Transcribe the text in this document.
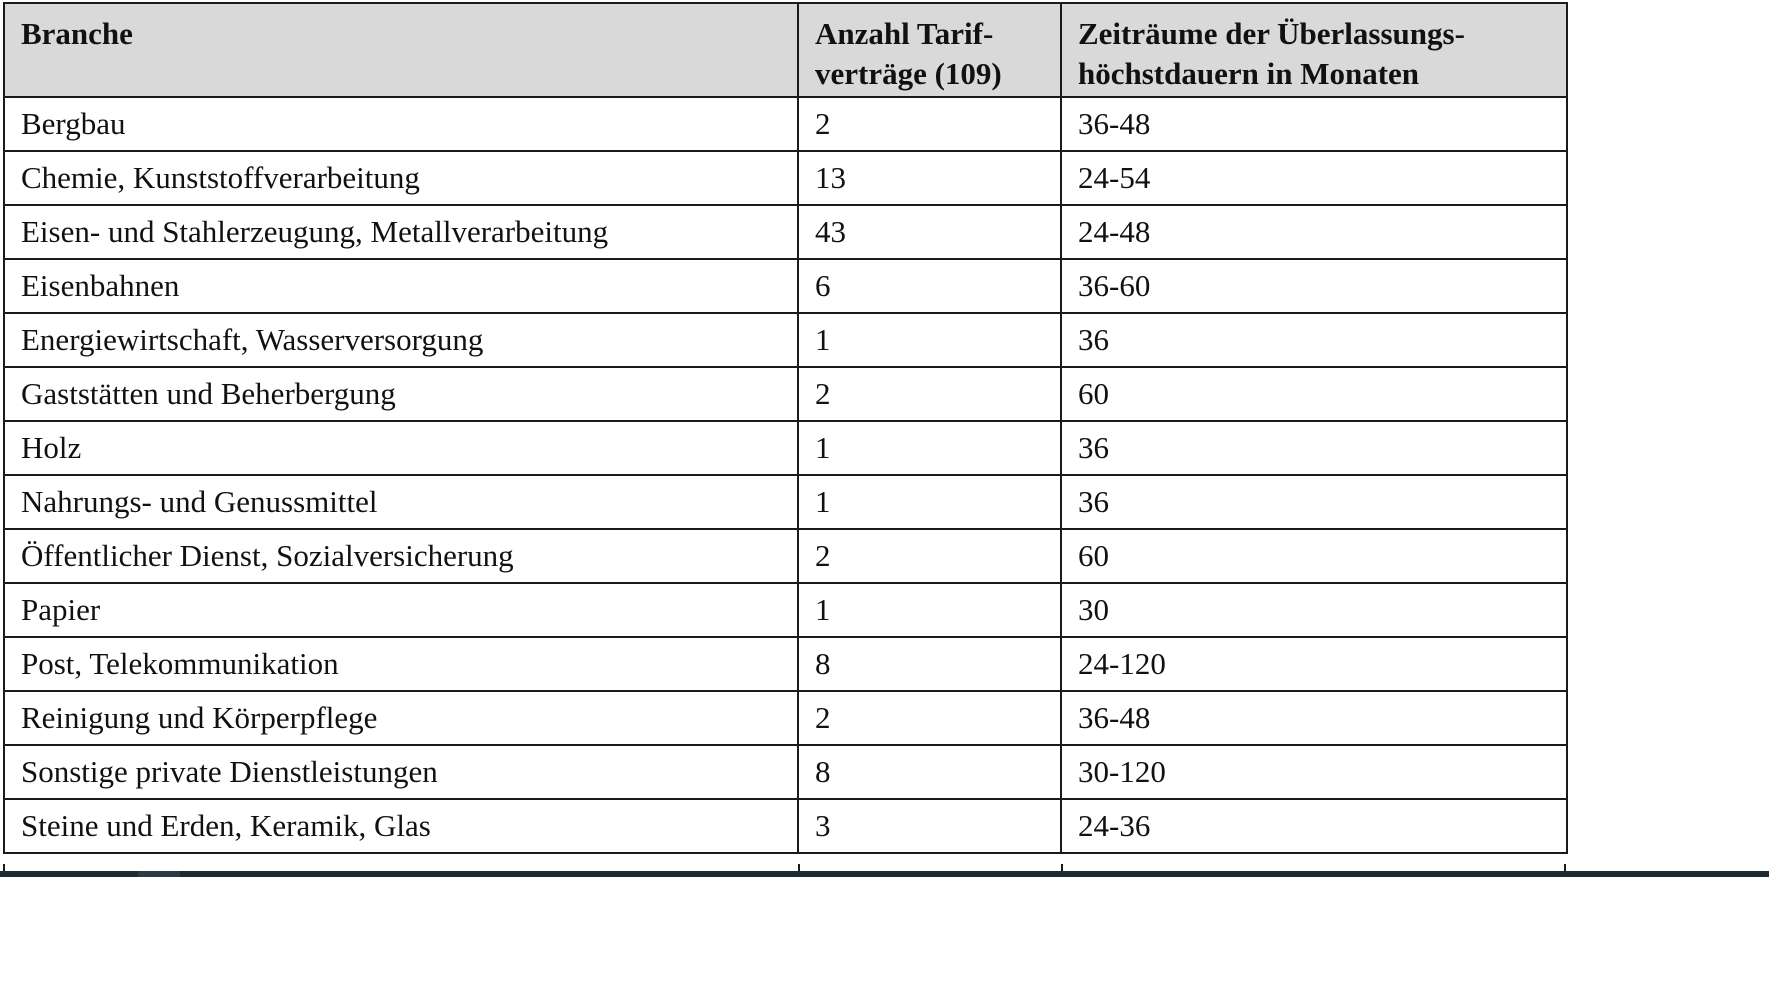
Branche	Anzahl Tarif-verträge (109)	Zeiträume der Überlassungs-höchstdauern in Monaten
Bergbau	2	36-48
Chemie, Kunststoffverarbeitung	13	24-54
Eisen- und Stahlerzeugung, Metallverarbeitung	43	24-48
Eisenbahnen	6	36-60
Energiewirtschaft, Wasserversorgung	1	36
Gaststätten und Beherbergung	2	60
Holz	1	36
Nahrungs- und Genussmittel	1	36
Öffentlicher Dienst, Sozialversicherung	2	60
Papier	1	30
Post, Telekommunikation	8	24-120
Reinigung und Körperpflege	2	36-48
Sonstige private Dienstleistungen	8	30-120
Steine und Erden, Keramik, Glas	3	24-36
